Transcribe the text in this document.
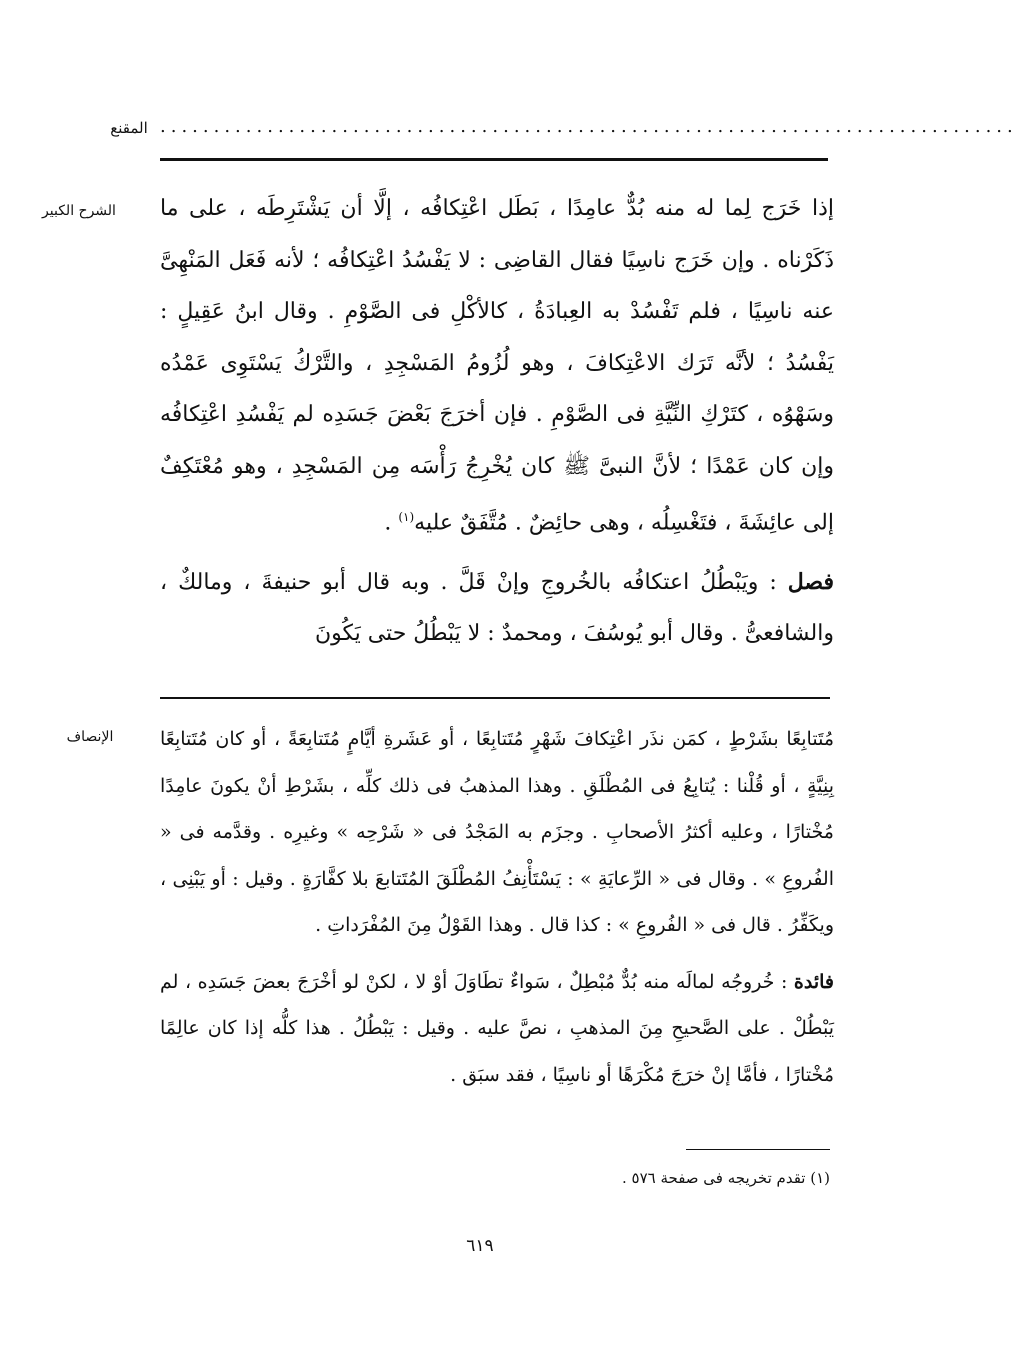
المقنع ................................................................................
الشرح الكبير	إذا خَرَج لِما له منه بُدٌّ عامِدًا ، بَطَل اعْتِكافُه ، إلَّا أن يَشْتَرِطَه ، على ما ذَكَرْناه . وإن خَرَج ناسِيًا فقال القاضِى : لا يَفْسُدُ اعْتِكافُه ؛ لأنه فَعَل المَنْهِىَّ عنه ناسِيًا ، فلم تَفْسُدْ به العِبادَةُ ، كالأكْلِ فى الصَّوْمِ . وقال ابنُ عَقِيلٍ : يَفْسُدُ ؛ لأنَّه تَرَك الاعْتِكافَ ، وهو لُزُومُ المَسْجِدِ ، والتَّرْكُ يَسْتَوِى عَمْدُه وسَهْوُه ، كتَرْكِ النِّيَّةِ فى الصَّوْمِ . فإن أخرَجَ بَعْضَ جَسَدِه لم يَفْسُدِ اعْتِكافُه وإن كان عَمْدًا ؛ لأنَّ النبىَّ ﷺ كان يُخْرِجُ رَأْسَه مِن المَسْجِدِ ، وهو مُعْتَكِفٌ إلى عائِشَةَ ، فتَغْسِلُه ، وهى حائِضٌ . مُتَّفَقٌ عليه$^{(١)}$ .

فصل : ويَبْطُلُ اعتكافُه بالخُروجِ وإنْ قَلَّ . وبه قال أبو حنيفةَ ، ومالكٌ ، والشافعىُّ . وقال أبو يُوسُفَ ، ومحمدٌ : لا يَبْطُلُ حتى يَكُونَ

الإنصاف	مُتَتابِعًا بشَرْطٍ ، كمَن نذَر اعْتِكافَ شَهْرٍ مُتَتابِعًا ، أو عَشَرةِ أيَّامٍ مُتَتابِعَةً ، أو كان مُتَتابِعًا بِنِيَّةٍ ، أو قُلْنا : يُتابِعُ فى المُطْلَقِ . وهذا المذهبُ فى ذلك كلِّه ، بشَرْطِ أنْ يكونَ عامِدًا مُخْتارًا ، وعليه أكثرُ الأصحابِ . وجزَم به المَجْدُ فى « شَرْحِه » وغيرِه . وقدَّمه فى « الفُروعِ » . وقال فى « الرِّعايَةِ » : يَسْتَأْنِفُ المُطْلَقَ المُتَتابعَ بلا كفَّارَةٍ . وقيل : أو يَبْنِى ، ويكَفِّرُ . قال فى « الفُروعِ » : كذا قال . وهذا القَوْلُ مِنَ المُفْرَداتِ .

فائدة : خُروجُه لمالَه منه بُدٌّ مُبْطِلٌ ، سَواءٌ تطَاوَلَ أوْ لا ، لكنْ لو أخْرَجَ بعضَ جَسَدِه ، لم يَبْطُلْ . على الصَّحيحِ مِنَ المذهبِ ، نصَّ عليه . وقيل : يَبْطُلُ . هذا كلُّه إذا كان عالِمًا مُخْتارًا ، فأمَّا إنْ خرَجَ مُكْرَهًا أو ناسِيًا ، فقد سبَق .

(١) تقدم تخريجه فى صفحة ٥٧٦ .
٦١٩
